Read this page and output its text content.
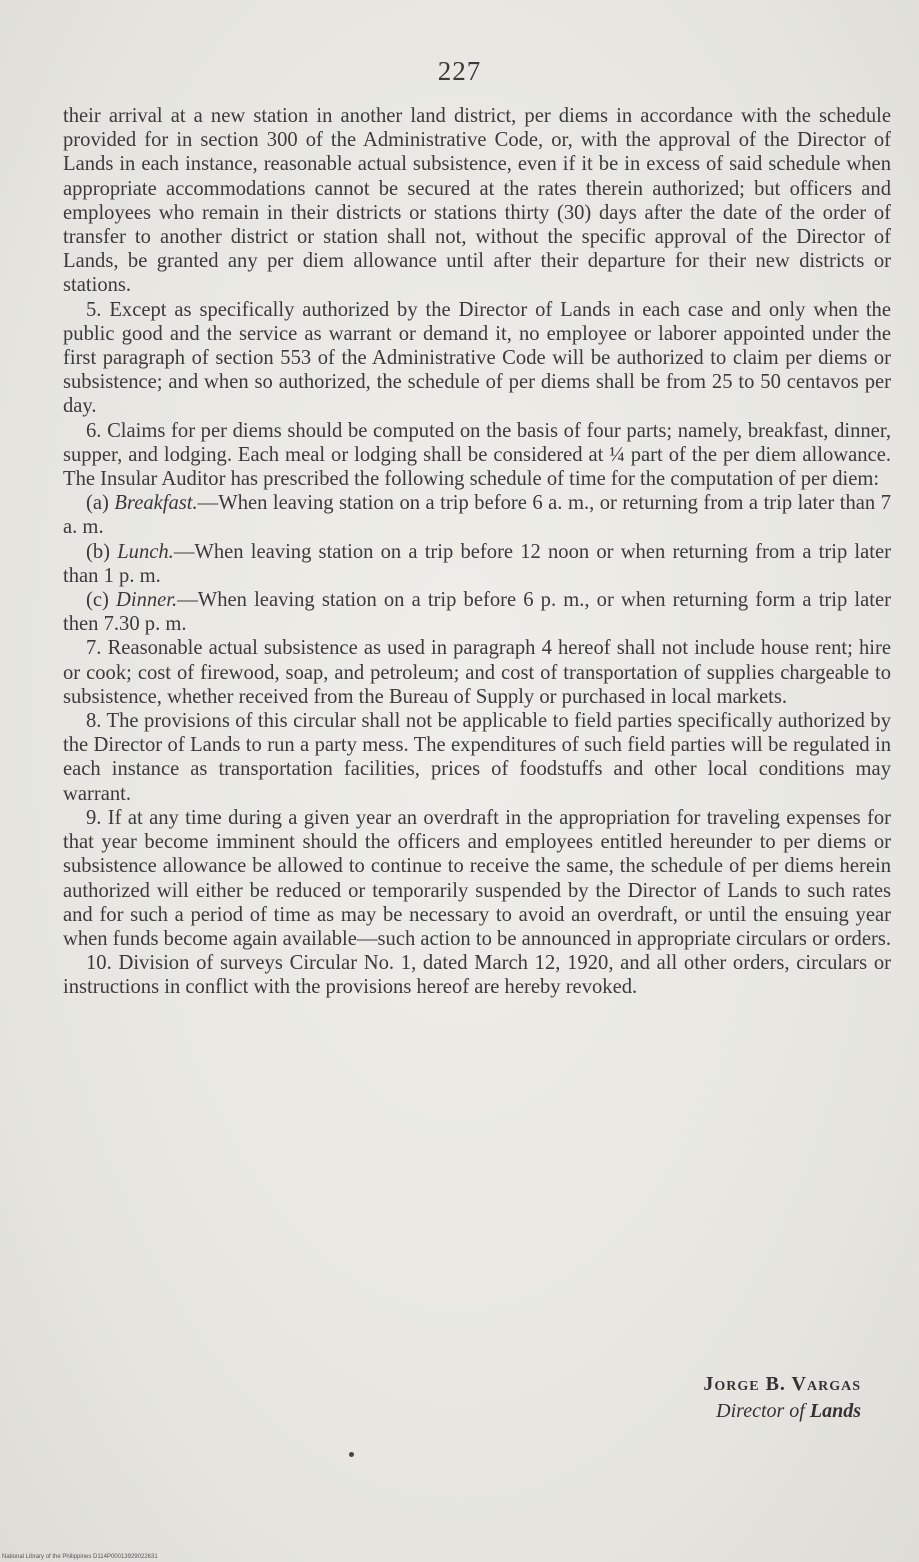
227

their arrival at a new station in another land district, per diems in accordance with the schedule provided for in section 300 of the Administrative Code, or, with the approval of the Director of Lands in each instance, reasonable actual subsistence, even if it be in excess of said schedule when appropriate accommodations cannot be secured at the rates therein authorized; but officers and employees who remain in their districts or stations thirty (30) days after the date of the order of transfer to another district or station shall not, without the specific approval of the Director of Lands, be granted any per diem allowance until after their departure for their new districts or stations.

5. Except as specifically authorized by the Director of Lands in each case and only when the public good and the service as warrant or demand it, no employee or laborer appointed under the first paragraph of section 553 of the Administrative Code will be authorized to claim per diems or subsistence; and when so authorized, the schedule of per diems shall be from 25 to 50 centavos per day.

6. Claims for per diems should be computed on the basis of four parts; namely, breakfast, dinner, supper, and lodging. Each meal or lodging shall be considered at ¼ part of the per diem allowance. The Insular Auditor has prescribed the following schedule of time for the computation of per diem:

(a) Breakfast.—When leaving station on a trip before 6 a. m., or returning from a trip later than 7 a. m.

(b) Lunch.—When leaving station on a trip before 12 noon or when returning from a trip later than 1 p. m.

(c) Dinner.—When leaving station on a trip before 6 p. m., or when returning form a trip later then 7.30 p. m.

7. Reasonable actual subsistence as used in paragraph 4 hereof shall not include house rent; hire or cook; cost of firewood, soap, and petroleum; and cost of transportation of supplies chargeable to subsistence, whether received from the Bureau of Supply or purchased in local markets.

8. The provisions of this circular shall not be applicable to field parties specifically authorized by the Director of Lands to run a party mess. The expenditures of such field parties will be regulated in each instance as transportation facilities, prices of foodstuffs and other local conditions may warrant.

9. If at any time during a given year an overdraft in the appropriation for traveling expenses for that year become imminent should the officers and employees entitled hereunder to per diems or subsistence allowance be allowed to continue to receive the same, the schedule of per diems herein authorized will either be reduced or temporarily suspended by the Director of Lands to such rates and for such a period of time as may be necessary to avoid an overdraft, or until the ensuing year when funds become again available—such action to be announced in appropriate circulars or orders.

10. Division of surveys Circular No. 1, dated March 12, 1920, and all other orders, circulars or instructions in conflict with the provisions hereof are hereby revoked.

Jorge B. Vargas
Director of Lands
National Library of the Philippines D114P00013929022631
